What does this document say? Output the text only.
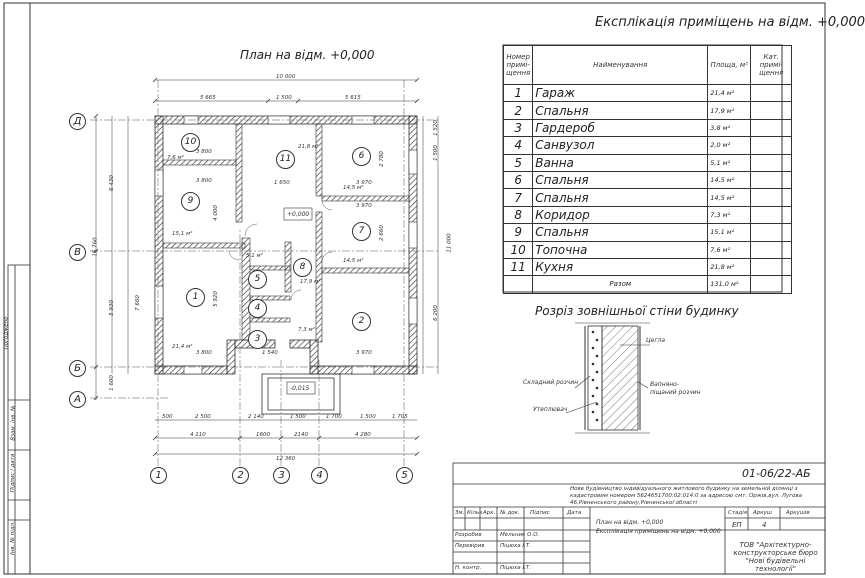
Експлікація приміщень на відм. +0,000
План на відм. +0,000
Розріз зовнішньої стіни будинку
01-06/22-АБ
Номер примі-щення	Найменування	Площа, м²	Кат. примі-щення
1	Гараж	21,4 м²	
2	Спальня	17,9 м²	
3	Гардероб	3,8 м²	
4	Санвузол	2,0 м²	
5	Ванна	5,1 м²	
6	Спальня	14,5 м²	
7	Спальня	14,5 м²	
8	Коридор	7,3 м²	
9	Спальня	15,1 м²	
10	Топочна	7,6 м²	
11	Кухня	21,8 м²	
	Разом	131,0 м²	
Д
В
Б
А
1	2	3	4	5
10
11	6
9
7
5
8
1
4
3
2
7,6 м²
14,5 м²
15,1 м²
14,5 м²
5,1 м²
17,9 м²
21,4 м²
7,3 м²
21,8 м²
+0,000
-0,015
10 000
5 665	1 500	5 615
12 360
4 110	1600	2140	4 280
500	2 500	2 140	1 500	1 700	1 500	1 705
15 760
6 430
5 930
1 600
1 500
11 000
6 200
1 520
3 800
3 800
3 800
3 970
3 970
3 970
1 650
5 920
4 000
2 780
2 660
7 660
1 540
Цегла
Утеплювач
Вапняно-піщаний розчин
Складний розчин
Нове будівництво індивідуального житлового будинку на земельній ділянці з кадастровим номером 5624651700:02:014:0 за адресою смт. Оржів,вул. Лугова 46,Рівненського району,Рівненської області
Зм. Кільк.
Арк. № док. Підпис	Дата
План на відм. +0,000
Експлікація приміщень на відм. +0,000
Стадія Аркуш	Аркушів
ЕП	4
Розробив	Мельник О.О.
Перевірив	Піцюха І.Т.
Н. контр.	Піцюха І.Т.
ТОВ "Архітектурно-конструкторське бюро "Нові будівельні технології"
Погоджено
Інв. № підл.
Підпис і дата
Взам. інв. №
